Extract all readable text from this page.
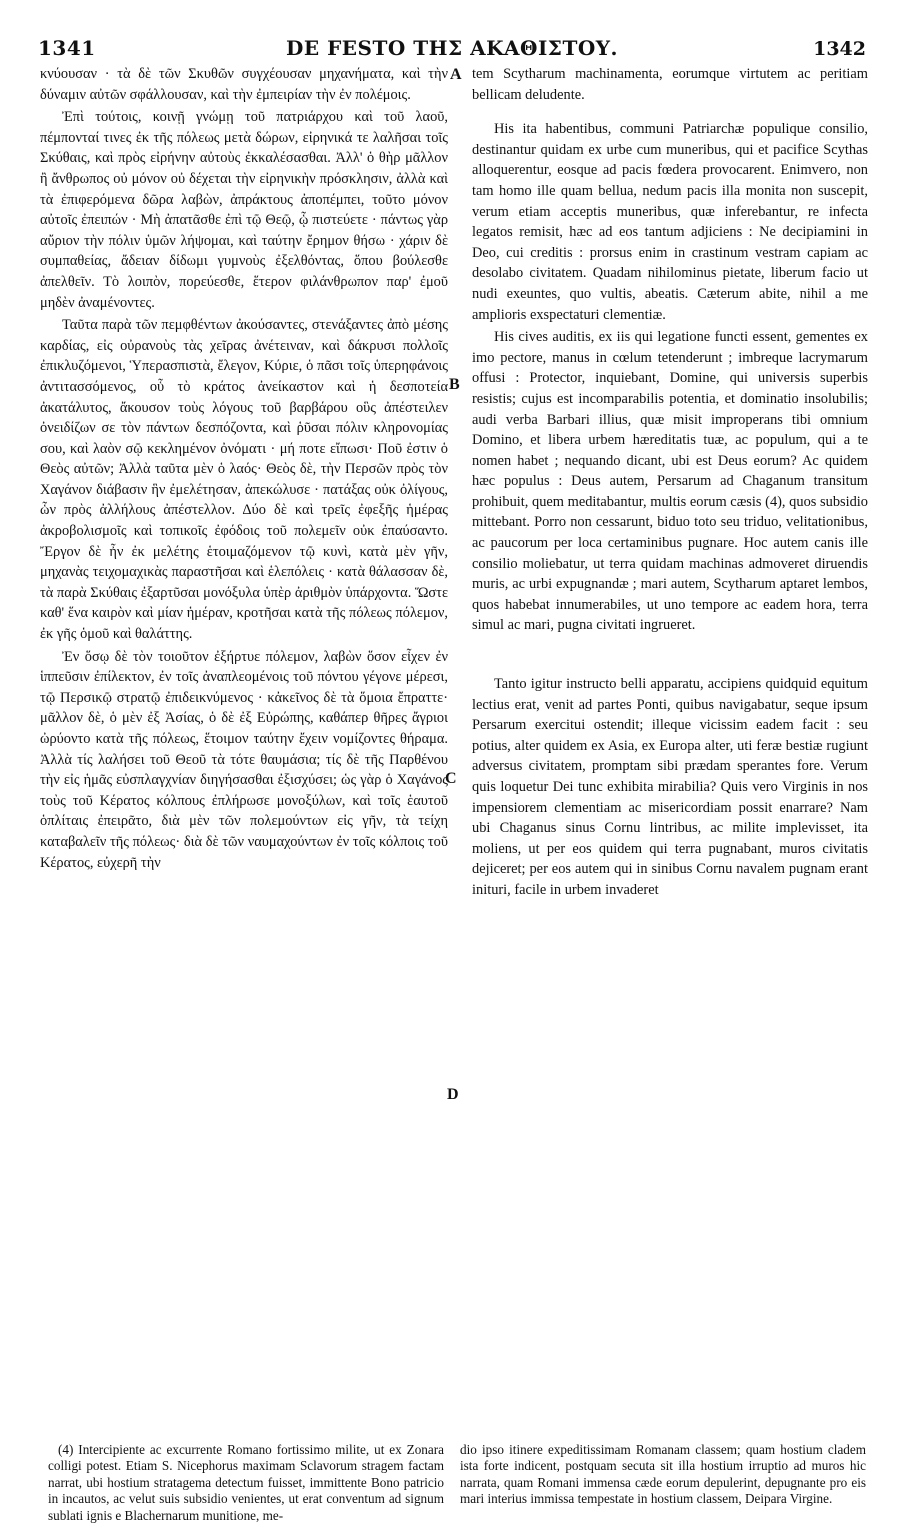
1341	DE FESTO ΤΗΣ ΑΚΑΘΙΣΤΟΥ.	1342

κνύουσαν · τὰ δὲ τῶν Σκυθῶν συγχέουσαν μηχανήματα, καὶ τὴν δύναμιν αὐτῶν σφάλλουσαν, καὶ τὴν ἐμπειρίαν τὴν ἐν πολέμοις.

Ἐπὶ τούτοις, κοινῇ γνώμῃ τοῦ πατριάρχου καὶ τοῦ λαοῦ, πέμπονταί τινες ἐκ τῆς πόλεως μετὰ δώρων, εἰρηνικά τε λαλῆσαι τοῖς Σκύθαις, καὶ πρὸς εἰρήνην αὐτοὺς ἐκκαλέσασθαι. Ἀλλ' ὁ θὴρ μᾶλλον ἢ ἄνθρωπος οὐ μόνον οὐ δέχεται τὴν εἰρηνικὴν πρόσκλησιν, ἀλλὰ καὶ τὰ ἐπιφερόμενα δῶρα λαβὼν, ἀπράκτους ἀποπέμπει, τοῦτο μόνον αὐτοῖς ἐπειπών · Μὴ ἀπατᾶσθε ἐπὶ τῷ Θεῷ, ᾧ πιστεύετε · πάντως γὰρ αὔριον τὴν πόλιν ὑμῶν λήψομαι, καὶ ταύτην ἔρημον θήσω · χάριν δὲ συμπαθείας, ἄδειαν δίδωμι γυμνοὺς ἐξελθόντας, ὅπου βούλεσθε ἀπελθεῖν. Τὸ λοιπὸν, πορεύεσθε, ἕτερον φιλάνθρωπον παρ' ἐμοῦ μηδὲν ἀναμένοντες.

Ταῦτα παρὰ τῶν πεμφθέντων ἀκούσαντες, στενάξαντες ἀπὸ μέσης καρδίας, εἰς οὐρανοὺς τὰς χεῖρας ἀνέτειναν, καὶ δάκρυσι πολλοῖς ἐπικλυζόμενοι, Ὑπερασπιστὰ, ἔλεγον, Κύριε, ὁ πᾶσι τοῖς ὑπερηφάνοις ἀντιτασσόμενος, οὗ τὸ κράτος ἀνείκαστον καὶ ἡ δεσποτεία ἀκατάλυτος, ἄκουσον τοὺς λόγους τοῦ βαρβάρου οὓς ἀπέστειλεν ὀνειδίζων σε τὸν πάντων δεσπόζοντα, καὶ ῥῦσαι πόλιν κληρονομίας σου, καὶ λαὸν σῷ κεκλημένον ὀνόματι · μή ποτε εἴπωσι· Ποῦ ἐστιν ὁ Θεὸς αὐτῶν; Ἀλλὰ ταῦτα μὲν ὁ λαός· Θεὸς δὲ, τὴν Περσῶν πρὸς τὸν Χαγάνον διάβασιν ἣν ἐμελέτησαν, ἀπεκώλυσε · πατάξας οὐκ ὀλίγους, ὧν πρὸς ἀλλήλους ἀπέστελλον. Δύο δὲ καὶ τρεῖς ἐφεξῆς ἡμέρας ἀκροβολισμοῖς καὶ τοπικοῖς ἐφόδοις τοῦ πολεμεῖν οὐκ ἐπαύσαντο. Ἔργον δὲ ἦν ἐκ μελέτης ἑτοιμαζόμενον τῷ κυνὶ, κατὰ μὲν γῆν, μηχανὰς τειχομαχικὰς παραστῆσαι καὶ ἑλεπόλεις · κατὰ θάλασσαν δὲ, τὰ παρὰ Σκύθαις ἐξαρτῦσαι μονόξυλα ὑπὲρ ἀριθμὸν ὑπάρχοντα. Ὥστε καθ' ἕνα καιρὸν καὶ μίαν ἡμέραν, κροτῆσαι κατὰ τῆς πόλεως πόλεμον, ἐκ γῆς ὁμοῦ καὶ θαλάττης.

Ἐν ὅσῳ δὲ τὸν τοιοῦτον ἐξήρτυε πόλεμον, λαβὼν ὅσον εἶχεν ἐν ἱππεῦσιν ἐπίλεκτον, ἐν τοῖς ἀναπλεομένοις τοῦ πόντου γέγονε μέρεσι, τῷ Περσικῷ στρατῷ ἐπιδεικνύμενος · κἀκεῖνος δὲ τὰ ὅμοια ἔπραττε· μᾶλλον δὲ, ὁ μὲν ἐξ Ἀσίας, ὁ δὲ ἐξ Εὐρώπης, καθάπερ θῆρες ἄγριοι ὠρύοντο κατὰ τῆς πόλεως, ἕτοιμον ταύτην ἔχειν νομίζοντες θήραμα. Ἀλλὰ τίς λαλήσει τοῦ Θεοῦ τὰ τότε θαυμάσια; τίς δὲ τῆς Παρθένου τὴν εἰς ἡμᾶς εὐσπλαγχνίαν διηγήσασθαι ἐξισχύσει; ὡς γὰρ ὁ Χαγάνος τοὺς τοῦ Κέρατος κόλπους ἐπλήρωσε μονοξύλων, καὶ τοῖς ἑαυτοῦ ὁπλίταις ἐπειρᾶτο, διὰ μὲν τῶν πολεμούντων εἰς γῆν, τὰ τείχη καταβαλεῖν τῆς πόλεως· διὰ δὲ τῶν ναυμαχούντων ἐν τοῖς κόλποις τοῦ Κέρατος, εὐχερῆ τὴν

tem Scytharum machinamenta, eorumque virtutem ac peritiam bellicam deludente.

His ita habentibus, communi Patriarchæ populique consilio, destinantur quidam ex urbe cum muneribus, qui et pacifice Scythas alloquerentur, eosque ad pacis fœdera provocarent. Enimvero, non tam homo ille quam bellua, nedum pacis illa monita non suscepit, verum etiam acceptis muneribus, quæ inferebantur, re infecta legatos remisit, hæc ad eos tantum adjiciens : Ne decipiamini in Deo, cui creditis : prorsus enim in crastinum vestram capiam ac desolabo civitatem. Quadam nihilominus pietate, liberum facio ut nudi exeuntes, quo vultis, abeatis. Cæterum abite, nihil a me amplioris exspectaturi clementiæ.

His cives auditis, ex iis qui legatione functi essent, gementes ex imo pectore, manus in cœlum tetenderunt ; imbreque lacrymarum offusi : Protector, inquiebant, Domine, qui universis superbis resistis; cujus est incomparabilis potentia, et dominatio insolubilis; audi verba Barbari illius, quæ misit improperans tibi omnium Domino, et libera urbem hæreditatis tuæ, ac populum, qui a te nomen habet ; nequando dicant, ubi est Deus eorum? Ac quidem hæc populus : Deus autem, Persarum ad Chaganum transitum prohibuit, quem meditabantur, multis eorum cæsis (4), quos subsidio mittebant. Porro non cessarunt, biduo toto seu triduo, velitationibus, ac paucorum per loca certaminibus pugnare. Hoc autem canis ille consilio moliebatur, ut terra quidam machinas admoveret diruendis muris, ac urbi expugnandæ ; mari autem, Scytharum aptaret lembos, quos habebat innumerabiles, ut uno tempore ac eadem hora, terra simul ac mari, pugna civitati ingrueret.

Tanto igitur instructo belli apparatu, accipiens quidquid equitum lectius erat, venit ad partes Ponti, quibus navigabatur, seque ipsum Persarum exercitui ostendit; illeque vicissim eadem facit : seu potius, alter quidem ex Asia, ex Europa alter, uti feræ bestiæ rugiunt adversus civitatem, promptam sibi prædam sperantes fore. Verum quis loquetur Dei tunc exhibita mirabilia? Quis vero Virginis in nos impensiorem clementiam ac misericordiam possit enarrare? Nam ubi Chaganus sinus Cornu lintribus, ac milite implevisset, ita moliens, ut per eos quidem qui terra pugnabant, muros civitatis dejiceret; per eos autem qui in sinibus Cornu navalem pugnam erant inituri, facile in urbem invaderet

A
B
C
D
(4) Intercipiente ac excurrente Romano fortissimo milite, ut ex Zonara colligi potest. Etiam S. Nicephorus maximam Sclavorum stragem factam narrat, ubi hostium stratagema detectum fuisset, immittente Bono patricio in incautos, ac velut suis subsidio venientes, ut erat conventum ad signum sublati ignis e Blachernarum munitione, me-
dio ipso itinere expeditissimam Romanam classem; quam hostium cladem ista forte indicent, postquam secuta sit illa hostium irruptio ad muros hic narrata, quam Romani immensa cæde eorum depulerint, depugnante pro eis mari interius immissa tempestate in hostium classem, Deipara Virgine.
